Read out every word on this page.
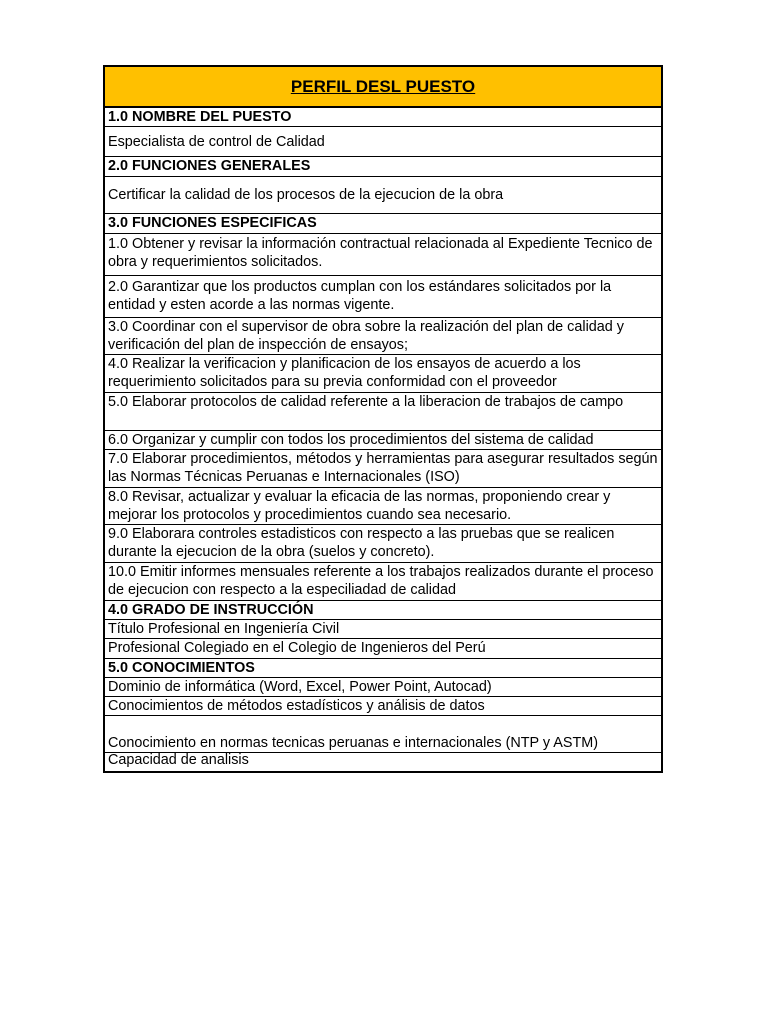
PERFIL DESL PUESTO
1.0 NOMBRE DEL PUESTO
Especialista de control de Calidad
2.0 FUNCIONES GENERALES
Certificar la calidad de los procesos de la ejecucion de la obra
3.0 FUNCIONES ESPECIFICAS
1.0 Obtener y revisar la información contractual relacionada al Expediente Tecnico de obra y requerimientos solicitados.
2.0 Garantizar que los productos cumplan con los estándares solicitados por la entidad y esten acorde a las normas vigente.
3.0 Coordinar con el supervisor de obra sobre la realización del plan de calidad y verificación del plan de inspección de ensayos;
4.0 Realizar la verificacion y planificacion de los ensayos de acuerdo a los requerimiento solicitados para su previa conformidad con el proveedor
5.0 Elaborar protocolos de calidad referente a la liberacion de trabajos de campo
6.0 Organizar y cumplir con todos los procedimientos del sistema de calidad
7.0 Elaborar procedimientos, métodos y herramientas para asegurar resultados según las Normas Técnicas Peruanas e Internacionales (ISO)
8.0 Revisar, actualizar y evaluar la eficacia de las normas, proponiendo crear y mejorar los protocolos y procedimientos cuando sea necesario.
9.0 Elaborara controles estadisticos con respecto a las pruebas que se realicen durante la ejecucion de la obra (suelos y concreto).
10.0 Emitir informes mensuales referente a los trabajos realizados durante el proceso de ejecucion con respecto a la especiliadad de calidad
4.0 GRADO DE INSTRUCCIÓN
Título Profesional en Ingeniería Civil
Profesional Colegiado en el Colegio de Ingenieros del Perú
5.0 CONOCIMIENTOS
Dominio de informática (Word, Excel, Power Point, Autocad)
Conocimientos de métodos estadísticos y análisis de datos
Conocimiento en normas tecnicas peruanas e internacionales (NTP y ASTM)
Capacidad de analisis
